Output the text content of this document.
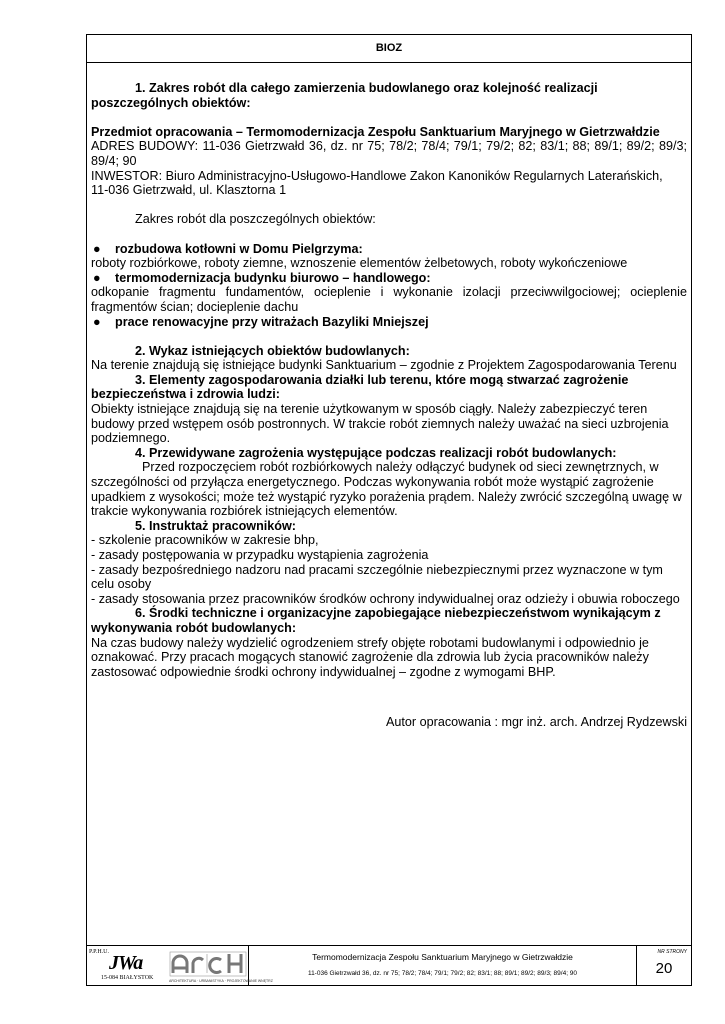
BIOZ
1. Zakres robót dla całego zamierzenia budowlanego oraz kolejność realizacji
poszczególnych obiektów:
Przedmiot opracowania – Termomodernizacja Zespołu Sanktuarium Maryjnego w Gietrzwałdzie
ADRES BUDOWY: 11-036 Gietrzwałd 36, dz. nr 75; 78/2; 78/4; 79/1; 79/2; 82; 83/1; 88; 89/1; 89/2; 89/3; 89/4; 90
INWESTOR: Biuro Administracyjno-Usługowo-Handlowe Zakon Kanoników Regularnych Laterańskich,
11-036 Gietrzwałd, ul. Klasztorna 1
Zakres robót dla poszczególnych obiektów:
●	rozbudowa kotłowni w Domu Pielgrzyma:
roboty rozbiórkowe, roboty ziemne, wznoszenie elementów żelbetowych, roboty wykończeniowe
●	termomodernizacja budynku biurowo – handlowego:
odkopanie fragmentu fundamentów, ocieplenie i wykonanie izolacji przeciwwilgociowej; ocieplenie fragmentów ścian; docieplenie dachu
●	prace renowacyjne przy witrażach Bazyliki Mniejszej
2. Wykaz istniejących obiektów budowlanych:
Na terenie znajdują się istniejące budynki Sanktuarium – zgodnie z Projektem Zagospodarowania Terenu
3. Elementy zagospodarowania działki lub terenu, które mogą stwarzać zagrożenie
bezpieczeństwa i zdrowia ludzi:
Obiekty istniejące znajdują się na terenie użytkowanym w sposób ciągły. Należy zabezpieczyć teren budowy przed wstępem osób postronnych. W trakcie robót ziemnych należy uważać na sieci uzbrojenia podziemnego.
4. Przewidywane zagrożenia występujące podczas realizacji robót budowlanych:
Przed rozpoczęciem robót rozbiórkowych należy odłączyć budynek od sieci zewnętrznych, w szczególności od przyłącza energetycznego. Podczas wykonywania robót może wystąpić zagrożenie upadkiem z wysokości; może też wystąpić ryzyko porażenia prądem. Należy zwrócić szczególną uwagę w trakcie wykonywania rozbiórek istniejących elementów.
5. Instruktaż pracowników:
- szkolenie pracowników w zakresie bhp,
- zasady postępowania w przypadku wystąpienia zagrożenia
- zasady bezpośredniego nadzoru nad pracami szczególnie niebezpiecznymi przez wyznaczone w tym celu osoby
- zasady stosowania przez pracowników środków ochrony indywidualnej oraz odzieży i obuwia roboczego
6. Środki techniczne i organizacyjne zapobiegające niebezpieczeństwom wynikającym z
wykonywania robót budowlanych:
Na czas budowy należy wydzielić ogrodzeniem strefy objęte robotami budowlanymi i odpowiednio je oznakować. Przy pracach mogących stanowić zagrożenie dla zdrowia lub życia pracowników należy zastosować odpowiednie środki ochrony indywidualnej – zgodne z wymogami BHP.
Autor opracowania : mgr inż. arch. Andrzej Rydzewski
P.P.H.U. JWa
15-084 BIAŁYSTOK	ARCHITEKTURA · URBANISTYKA · PROJEKTOWANIE WNĘTRZ
Termomodernizacja Zespołu Sanktuarium Maryjnego w Gietrzwałdzie
11-036 Gietrzwałd 36, dz. nr 75; 78/2; 78/4; 79/1; 79/2; 82; 83/1; 88; 89/1; 89/2; 89/3; 89/4; 90
NR STRONY
20
